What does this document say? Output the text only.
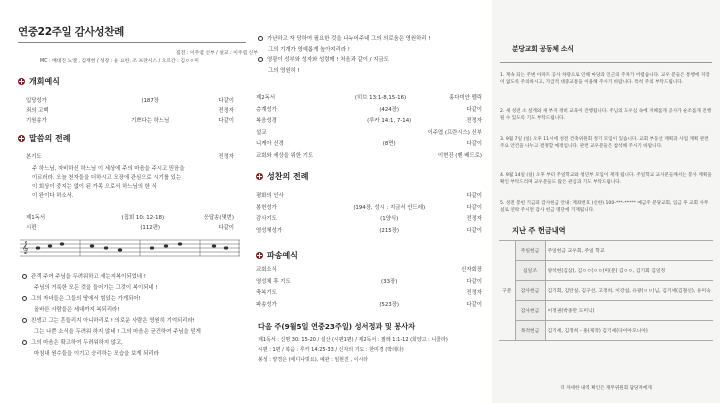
연중22주일 감사성찬례
집전 : 이주엽 신부 / 설교 : 이주엽 신부
MC : 배대진 노엘 , 김재헌 / 성장 : 윤 요한, 조 프란시스 / 오르간 : 김ㅇㅇ미
개회예식
입당성가	(187장	다같이
죄의 고백	전정자
기원송가	기쁘다는 하느님	다같이
말씀의 전례
본기도	전정자
주 하느님, 자비하신 하느님 이 세상에 주의 마음을 주시고 믿음을
이르러라. 오늘 천자들을 더하시고 오장에 관심으로 시기를 있는
이 회상이 중지는 없이 된 가족 으로서 하느님의 한 식
이 완이다 하소서.
제1독서	(집회 10: 12-18)	응답송(몇번)
시편	(112편)	다같이
𝄞
관객 주여 주님을 두려워하고 새는지복이되었네 !
주님의 거룩한 모든 것을 들어가는 그것이 복이되네 !
그의 자녀들은 그들의 땅에서 힘있는 가게되어!
올바른 사람들은 세대까지 복되리라!
친생고 그는 흔들리지 아니하리로 ! 의로운 사람은 영원히 기억되리라!
그는 나쁜 소식을 두려워 하지 않네 ! 그의 마음은 굳건하여 주님을 믿게
그의 마음은 확고하여 두려워하지 않고,
마침내 원수들을 이기고 승리하는 모습을 보게 되리라
가난하고 자 당하여 필요한 것을 나누어주네 그의 의로움은 영원하리 !
그의 기개가 영예롭게 높아지리라 !
영광이 성부와 성자와 성령께 ! 처음과 같이 / 지금도
그의 영원히 !
제2독서	(히브 13:1-8,15-16)	홍다미안 펠릭
층계성가	(424장)	다같이
복음성경	(루카 14:1, 7-14)	전정자
설교	이주엽 (프란시스) 신부
니케아 신경	(8면)	다같이
교회와 세상을 위한 기도	이현진 (벤 베드로)
성찬의 전례
평화의 인사	다같이
봉헌성가	(194장, 성시 : 지금서 안드레)	다같이
감사기도	(1양식)	전정자
영성체성가	(215장)	다같이
파송예식
교회소식	신자회장
영성체 후 기도	(33장)	다같이
축복기도	전정자
파송성가	(523장)	다같이
다음 주(9월5일 연중23주일) 성서정과 및 봉사자
제1독서 : 신명 30: 15-20 / 설산 (시편1편) / 제2독서 : 필레 1:1-12 (희양고 : 니콜라)
시편 : 1편 / 복음 : 루카 14:25-33 / 신자의 기도 : 한미경 (박데다)
봉성 : 양경은 (에디나빗요), 예관 : 임현진 , 이시타
분당교회 공동체 소식
1. 계속 되는 주변 아파트 공사 차량으로 인해 마당과 인근의 주차가 어렵습니다. 교우 분들은 통행에 지장이 없도록 주의하시고, 가급적 대중교통을 이용해 주시기 바랍니다. 특히 주의 부탁드립니다.
2. 새 성전 소 설계와 새 부지 정비 교육이 진행됩니다. 주님의 도우심 속에 지혜롭게 공사가 순조롭게 진행될 수 있도록 기도 부탁드립니다.
3. 9월 7일 (일) 오후 11시에 성전 건축위원회 정기 모임이 있습니다. 교회 부동산 계획과 사업 계획 관련 주요 안건을 나누고 결정할 예정입니다. 관련 교우분들은 참석해 주시기 바랍니다.
4. 9월 14일 (일) 오후 부터 주일학교와 청년부 모임이 재개 됩니다. 주일학교 교사분들께서는 봉사 계획을 확인 부탁드리며 교우분들도 많은 관심과 기도 부탁드립니다.
5. 성전 봉헌 기금과 감사헌금 안내: 계좌번호 (신한) 100-***-***** 예금주 분당교회, 입금 후 교회 사무실로 연락 주시면 감사 헌금 명단에 기재됩니다.
지난 주 헌금내역
구분	주일헌금	주일헌금 교우회, 주일 학교
	십일조	양석헌(김삼), 김ㅇㅇ(ㅇㅇ)미(분) 김ㅇㅇ, 김기회 김일정
	감사헌금	김기회, 김탄실, 김구선, 고정희, 이강섭, 유광(ㅇㅇ)님, 김기세(김철신), 유미숙
	감사헌금	이정권(박종만 도미닉)
	목적헌금	김기세, 김정희 - 홍(제작) 김기세(다이아모니아)
더 자세한 내역 확인은 재무위원회 담당자에게
